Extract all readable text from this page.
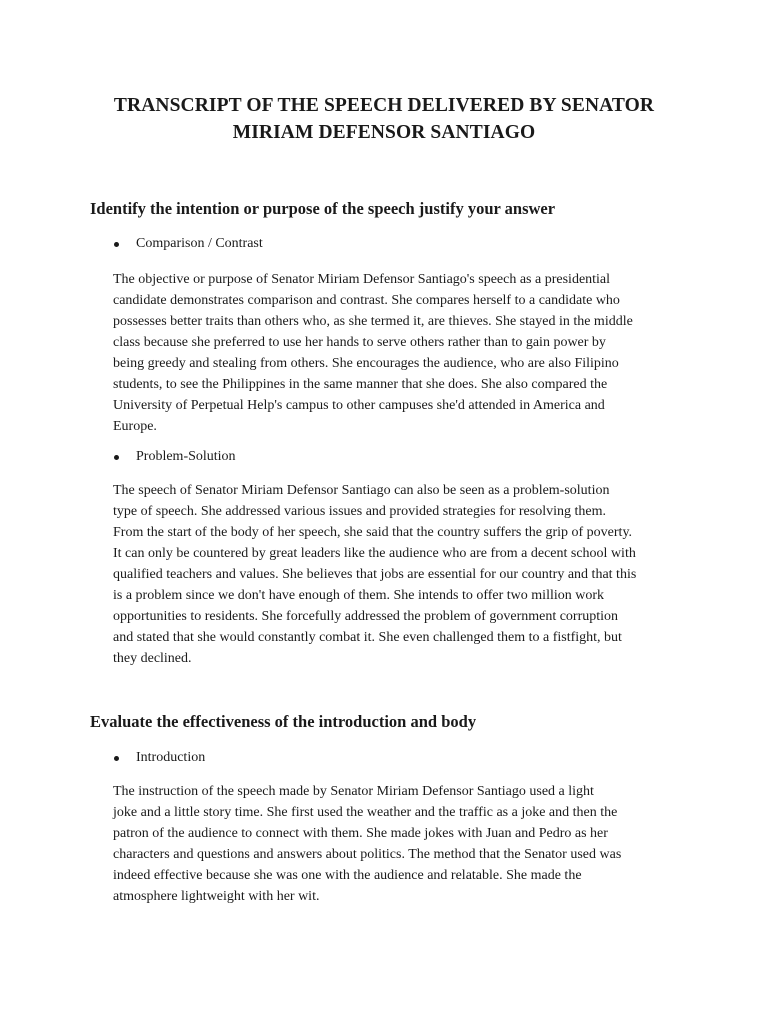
TRANSCRIPT OF THE SPEECH DELIVERED BY SENATOR
MIRIAM DEFENSOR SANTIAGO
Identify the intention or purpose of the speech justify your answer
Comparison / Contrast

The objective or purpose of Senator Miriam Defensor Santiago's speech as a presidential
candidate demonstrates comparison and contrast. She compares herself to a candidate who
possesses better traits than others who, as she termed it, are thieves. She stayed in the middle
class because she preferred to use her hands to serve others rather than to gain power by
being greedy and stealing from others. She encourages the audience, who are also Filipino
students, to see the Philippines in the same manner that she does. She also compared the
University of Perpetual Help's campus to other campuses she'd attended in America and
Europe.

Problem-Solution

The speech of Senator Miriam Defensor Santiago can also be seen as a problem-solution
type of speech. She addressed various issues and provided strategies for resolving them.
From the start of the body of her speech, she said that the country suffers the grip of poverty.
It can only be countered by great leaders like the audience who are from a decent school with
qualified teachers and values. She believes that jobs are essential for our country and that this
is a problem since we don't have enough of them. She intends to offer two million work
opportunities to residents. She forcefully addressed the problem of government corruption
and stated that she would constantly combat it. She even challenged them to a fistfight, but
they declined.

Evaluate the effectiveness of the introduction and body
Introduction

The instruction of the speech made by Senator Miriam Defensor Santiago used a light
joke and a little story time. She first used the weather and the traffic as a joke and then the
patron of the audience to connect with them. She made jokes with Juan and Pedro as her
characters and questions and answers about politics. The method that the Senator used was
indeed effective because she was one with the audience and relatable. She made the
atmosphere lightweight with her wit.
